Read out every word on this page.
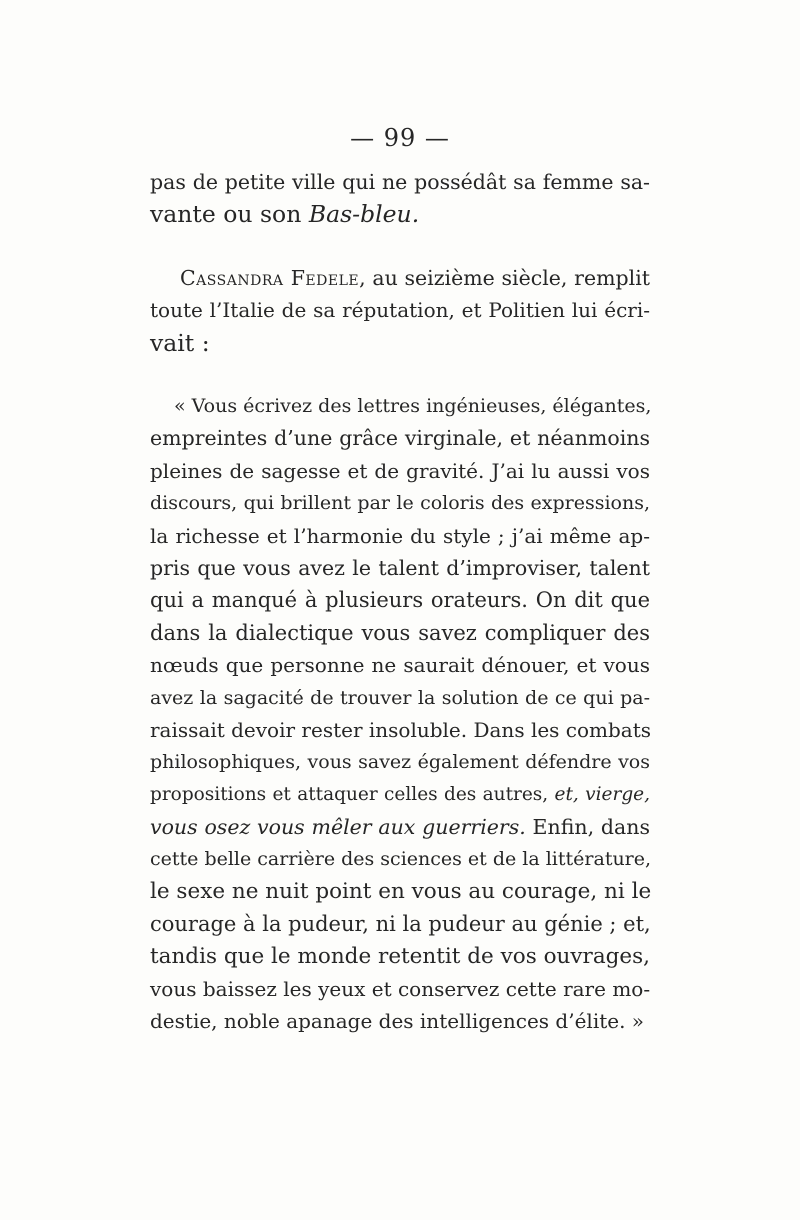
— 99 —
pas de petite ville qui ne possédât sa femme sa-
vante ou son Bas-bleu.
Cassandra Fedele, au seizième siècle, remplit
toute l’Italie de sa réputation, et Politien lui écri-
vait :
« Vous écrivez des lettres ingénieuses, élégantes,
empreintes d’une grâce virginale, et néanmoins
pleines de sagesse et de gravité. J’ai lu aussi vos
discours, qui brillent par le coloris des expressions,
la richesse et l’harmonie du style ; j’ai même ap-
pris que vous avez le talent d’improviser, talent
qui a manqué à plusieurs orateurs. On dit que
dans la dialectique vous savez compliquer des
nœuds que personne ne saurait dénouer, et vous
avez la sagacité de trouver la solution de ce qui pa-
raissait devoir rester insoluble. Dans les combats
philosophiques, vous savez également défendre vos
propositions et attaquer celles des autres, et, vierge,
vous osez vous mêler aux guerriers. Enfin, dans
cette belle carrière des sciences et de la littérature,
le sexe ne nuit point en vous au courage, ni le
courage à la pudeur, ni la pudeur au génie ; et,
tandis que le monde retentit de vos ouvrages,
vous baissez les yeux et conservez cette rare mo-
destie, noble apanage des intelligences d’élite. »
